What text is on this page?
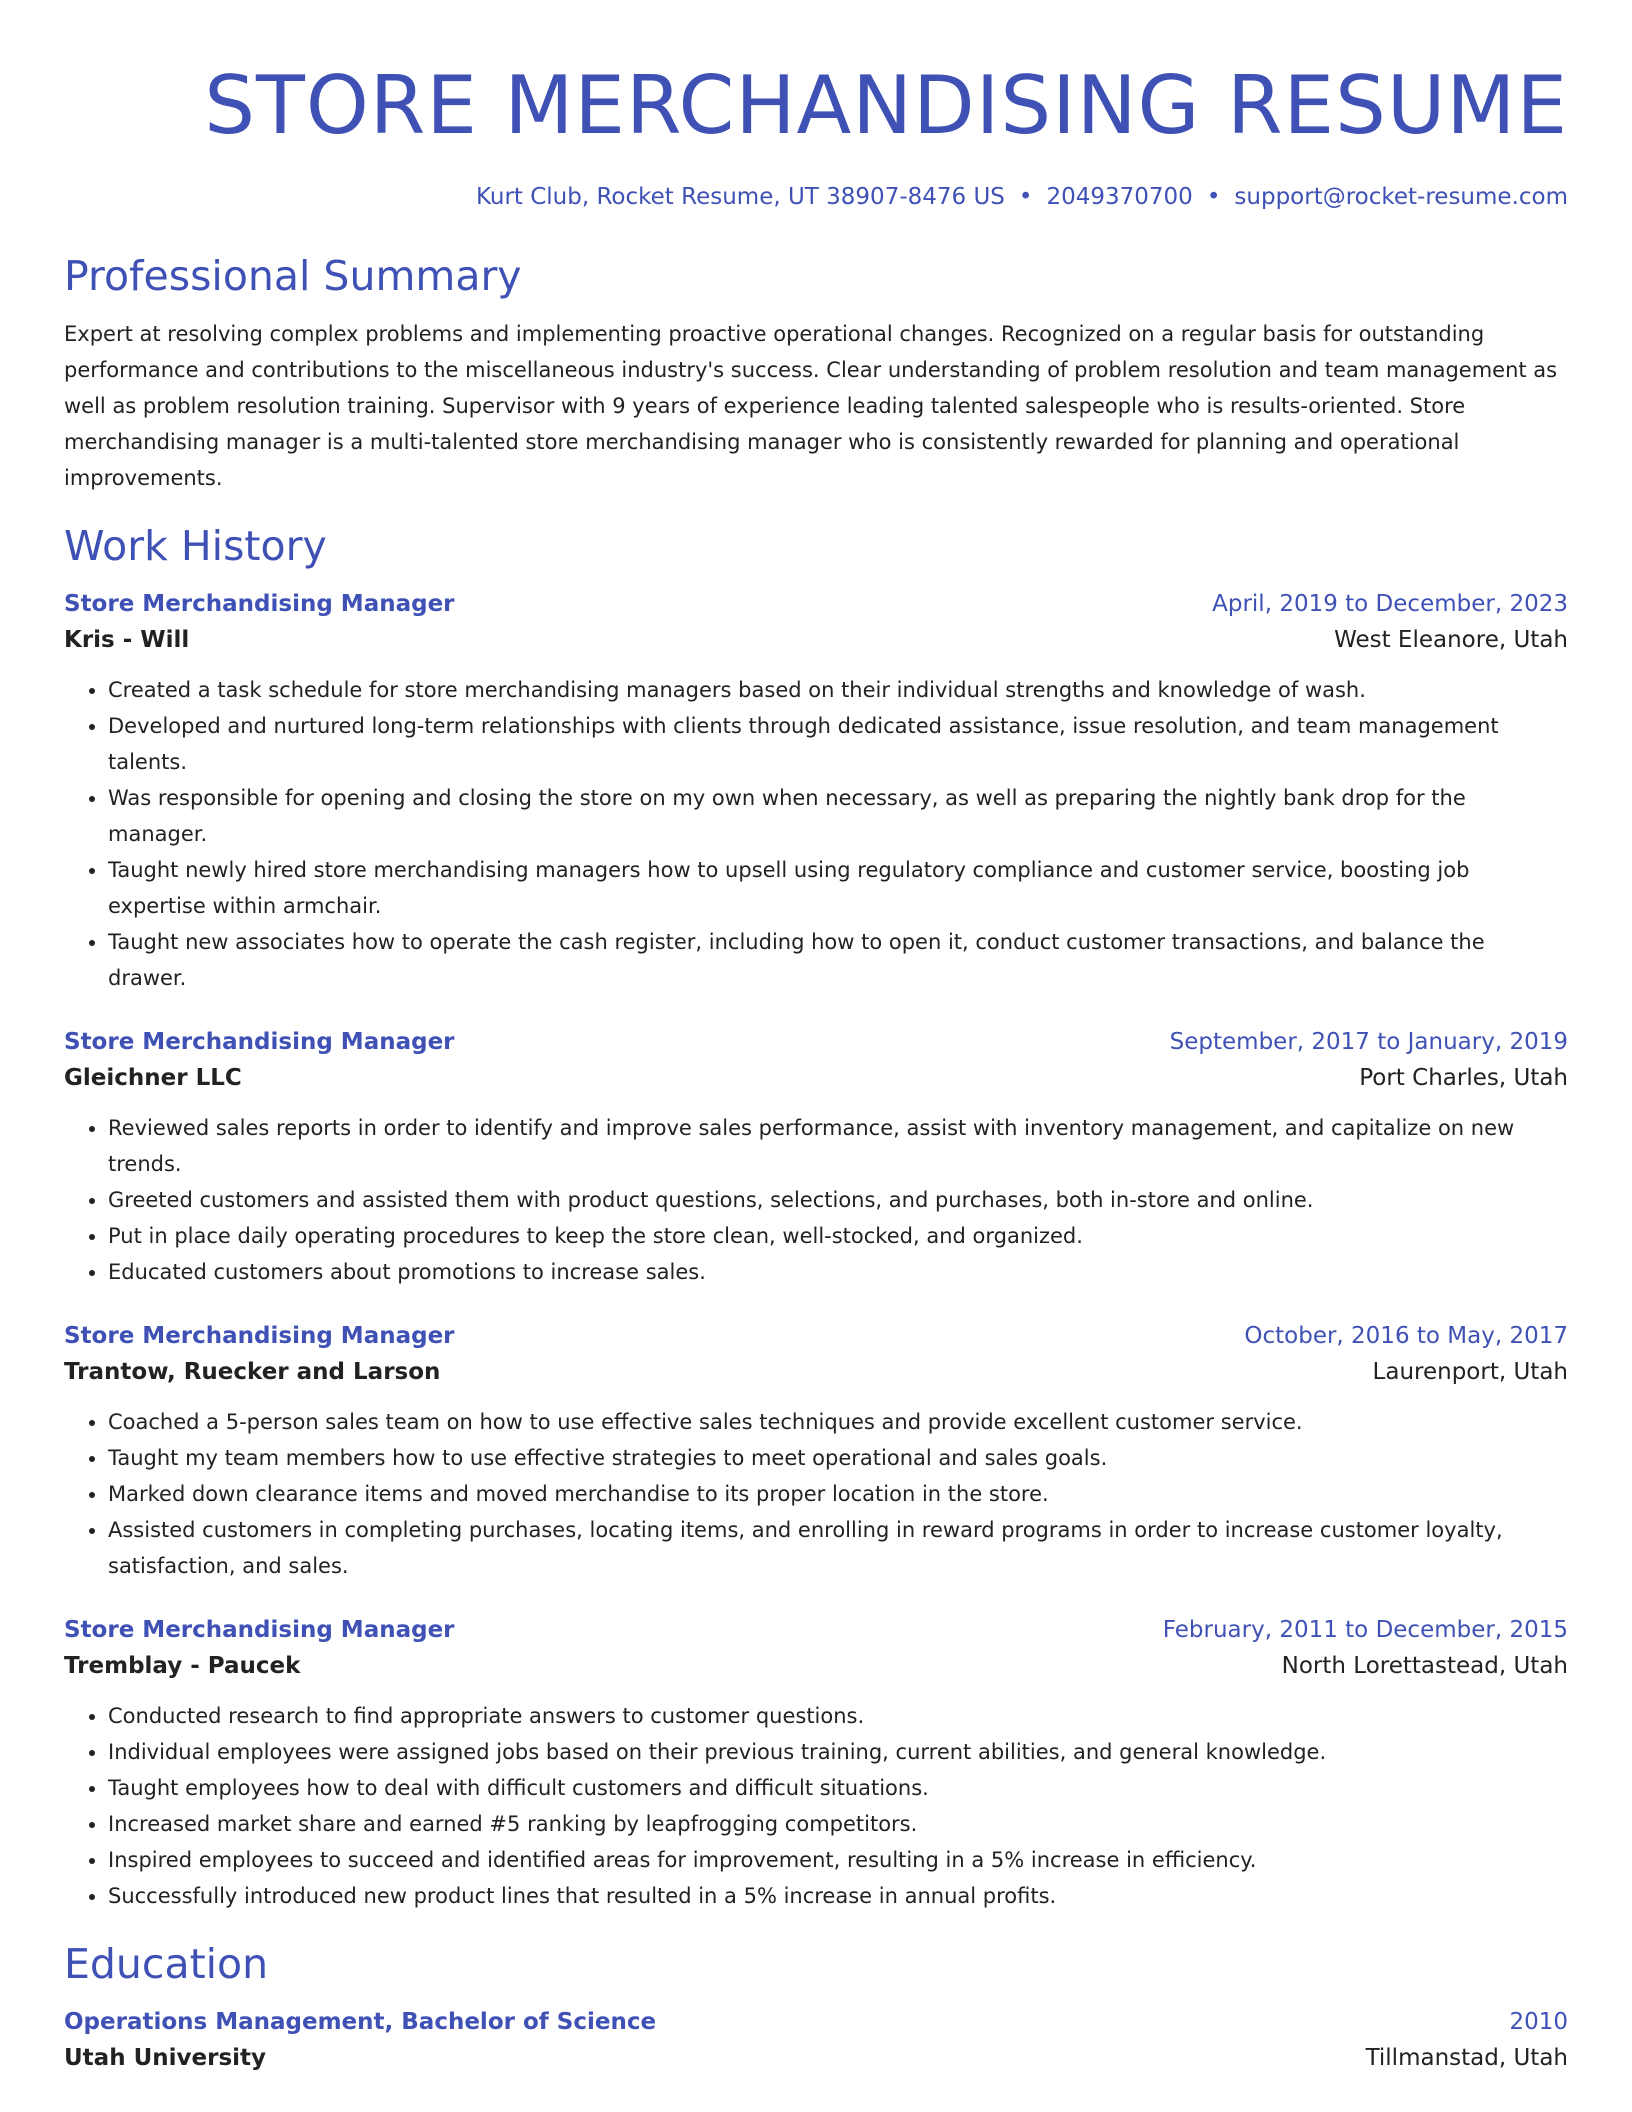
STORE MERCHANDISING RESUME
Kurt Club, Rocket Resume, UT 38907-8476 US • 2049370700 • support@rocket-resume.com
Professional Summary

Expert at resolving complex problems and implementing proactive operational changes. Recognized on a regular basis for outstanding performance and contributions to the miscellaneous industry's success. Clear understanding of problem resolution and team management as well as problem resolution training. Supervisor with 9 years of experience leading talented salespeople who is results-oriented. Store merchandising manager is a multi-talented store merchandising manager who is consistently rewarded for planning and operational improvements.

Work History
Store Merchandising Manager	April, 2019 to December, 2023
Kris - Will	West Eleanore, Utah
• Created a task schedule for store merchandising managers based on their individual strengths and knowledge of wash.
• Developed and nurtured long-term relationships with clients through dedicated assistance, issue resolution, and team management talents.
• Was responsible for opening and closing the store on my own when necessary, as well as preparing the nightly bank drop for the manager.
• Taught newly hired store merchandising managers how to upsell using regulatory compliance and customer service, boosting job expertise within armchair.
• Taught new associates how to operate the cash register, including how to open it, conduct customer transactions, and balance the drawer.
Store Merchandising Manager	September, 2017 to January, 2019
Gleichner LLC	Port Charles, Utah
• Reviewed sales reports in order to identify and improve sales performance, assist with inventory management, and capitalize on new trends.
• Greeted customers and assisted them with product questions, selections, and purchases, both in-store and online.
• Put in place daily operating procedures to keep the store clean, well-stocked, and organized.
• Educated customers about promotions to increase sales.
Store Merchandising Manager	October, 2016 to May, 2017
Trantow, Ruecker and Larson	Laurenport, Utah
• Coached a 5-person sales team on how to use effective sales techniques and provide excellent customer service.
• Taught my team members how to use effective strategies to meet operational and sales goals.
• Marked down clearance items and moved merchandise to its proper location in the store.
• Assisted customers in completing purchases, locating items, and enrolling in reward programs in order to increase customer loyalty, satisfaction, and sales.
Store Merchandising Manager	February, 2011 to December, 2015
Tremblay - Paucek	North Lorettastead, Utah
• Conducted research to find appropriate answers to customer questions.
• Individual employees were assigned jobs based on their previous training, current abilities, and general knowledge.
• Taught employees how to deal with difficult customers and difficult situations.
• Increased market share and earned #5 ranking by leapfrogging competitors.
• Inspired employees to succeed and identified areas for improvement, resulting in a 5% increase in efficiency.
• Successfully introduced new product lines that resulted in a 5% increase in annual profits.
Education
Operations Management, Bachelor of Science	2010
Utah University	Tillmanstad, Utah
